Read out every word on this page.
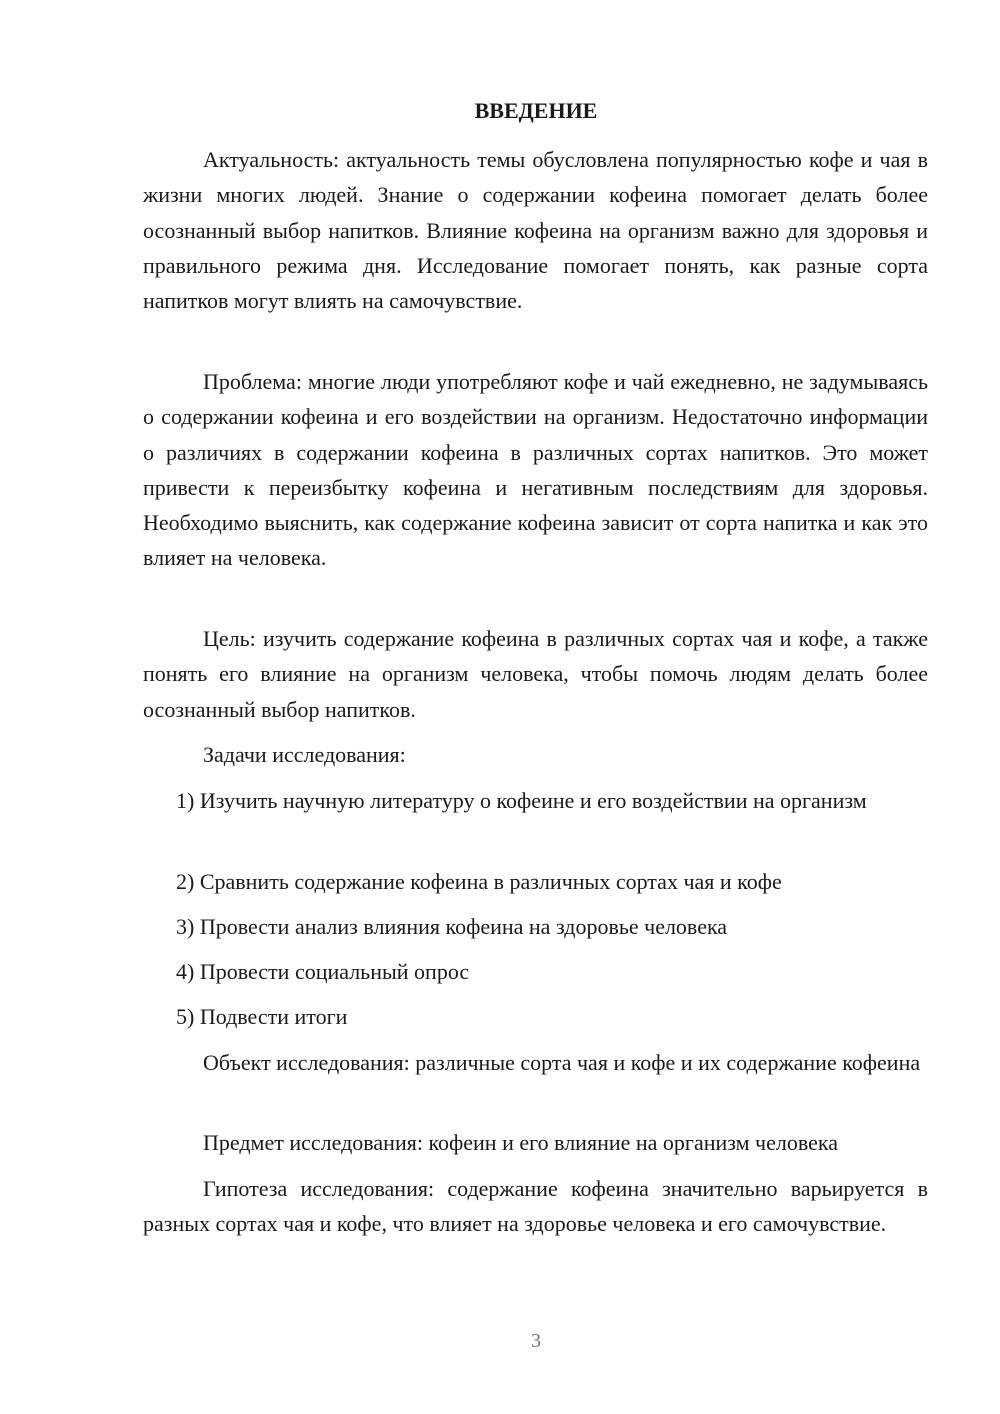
ВВЕДЕНИЕ

Актуальность: актуальность темы обусловлена популярностью кофе и чая в жизни многих людей. Знание о содержании кофеина помогает делать более осознанный выбор напитков. Влияние кофеина на организм важно для здоровья и правильного режима дня. Исследование помогает понять, как разные сорта напитков могут влиять на самочувствие.

Проблема: многие люди употребляют кофе и чай ежедневно, не задумываясь о содержании кофеина и его воздействии на организм. Недостаточно информации о различиях в содержании кофеина в различных сортах напитков. Это может привести к переизбытку кофеина и негативным последствиям для здоровья. Необходимо выяснить, как содержание кофеина зависит от сорта напитка и как это влияет на человека.

Цель: изучить содержание кофеина в различных сортах чая и кофе, а также понять его влияние на организм человека, чтобы помочь людям делать более осознанный выбор напитков.

Задачи исследования:

1) Изучить научную литературу о кофеине и его воздействии на организм

2) Сравнить содержание кофеина в различных сортах чая и кофе

3) Провести анализ влияния кофеина на здоровье человека

4) Провести социальный опрос

5) Подвести итоги

Объект исследования: различные сорта чая и кофе и их содержание кофеина

Предмет исследования: кофеин и его влияние на организм человека

Гипотеза исследования: содержание кофеина значительно варьируется в разных сортах чая и кофе, что влияет на здоровье человека и его самочувствие.

3
